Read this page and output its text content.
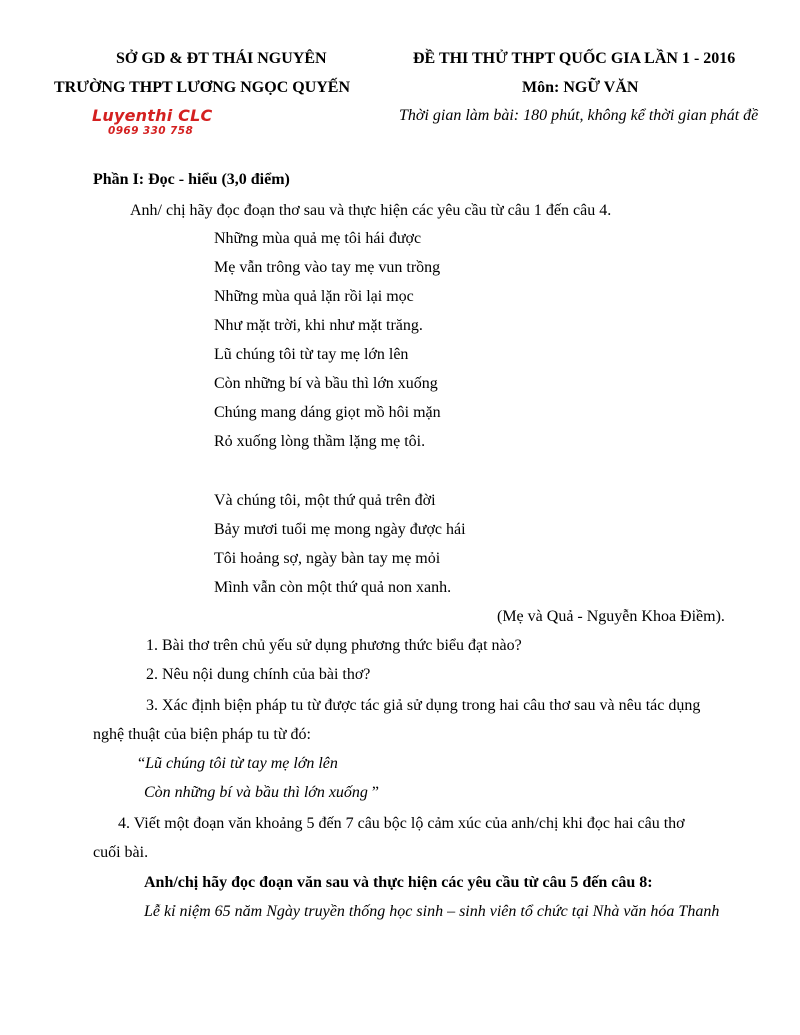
SỞ GD & ĐT THÁI NGUYÊN
TRƯỜNG THPT LƯƠNG NGỌC QUYẾN
ĐỀ THI THỬ THPT QUỐC GIA LẦN 1 - 2016
Môn: NGỮ VĂN
Thời gian làm bài: 180 phút, không kể thời gian phát đề
Luyenthi CLC
0969 330 758
Phần I: Đọc - hiểu (3,0 điểm)
Anh/ chị hãy đọc đoạn thơ sau và thực hiện các yêu cầu từ câu 1 đến câu 4.
Những mùa quả mẹ tôi hái được
Mẹ vẫn trông vào tay mẹ vun trồng
Những mùa quả lặn rồi lại mọc
Như mặt trời, khi như mặt trăng.
Lũ chúng tôi từ tay mẹ lớn lên
Còn những bí và bầu thì lớn xuống
Chúng mang dáng giọt mồ hôi mặn
Rỏ xuống lòng thầm lặng mẹ tôi.
Và chúng tôi, một thứ quả trên đời
Bảy mươi tuổi mẹ mong ngày được hái
Tôi hoảng sợ, ngày bàn tay mẹ mỏi
Mình vẫn còn một thứ quả non xanh.
(Mẹ và Quả - Nguyễn Khoa Điềm).
1. Bài thơ trên chủ yếu sử dụng phương thức biểu đạt nào?
2. Nêu nội dung chính của bài thơ?
3. Xác định biện pháp tu từ được tác giả sử dụng trong hai câu thơ sau và nêu tác dụng
nghệ thuật của biện pháp tu từ đó:
“Lũ chúng tôi từ tay mẹ lớn lên
Còn những bí và bầu thì lớn xuống ”
4. Viết một đoạn văn khoảng 5 đến 7 câu bộc lộ cảm xúc của anh/chị khi đọc hai câu thơ
cuối bài.
Anh/chị hãy đọc đoạn văn sau và thực hiện các yêu cầu từ câu 5 đến câu 8:
Lễ kỉ niệm 65 năm Ngày truyền thống học sinh – sinh viên tổ chức tại Nhà văn hóa Thanh
